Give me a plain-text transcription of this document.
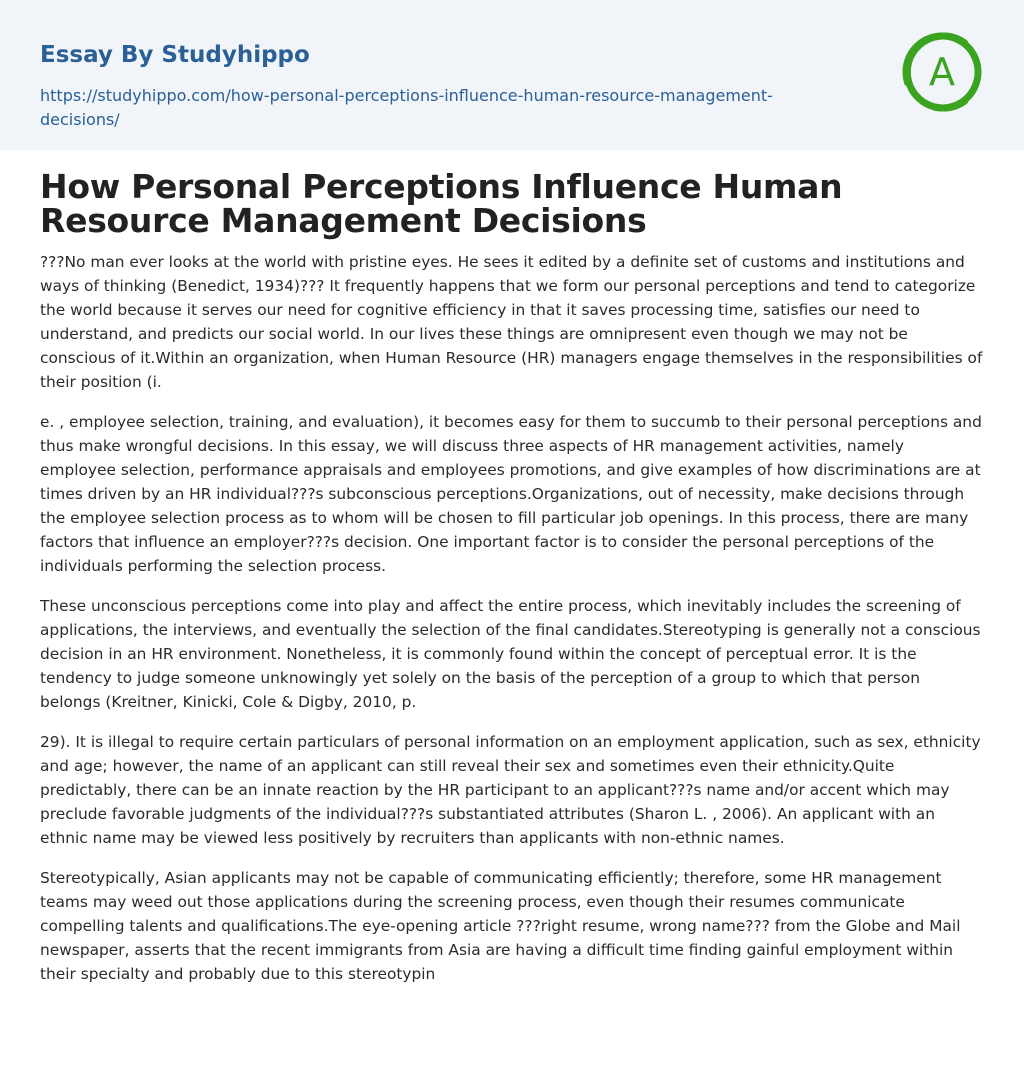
Essay By Studyhippo
https://studyhippo.com/how-personal-perceptions-influence-human-resource-management-decisions/
A
How Personal Perceptions Influence Human Resource Management Decisions

???No man ever looks at the world with pristine eyes. He sees it edited by a definite set of customs and institutions and ways of thinking (Benedict, 1934)??? It frequently happens that we form our personal perceptions and tend to categorize the world because it serves our need for cognitive efficiency in that it saves processing time, satisfies our need to understand, and predicts our social world. In our lives these things are omnipresent even though we may not be conscious of it.Within an organization, when Human Resource (HR) managers engage themselves in the responsibilities of their position (i.

e. , employee selection, training, and evaluation), it becomes easy for them to succumb to their personal perceptions and thus make wrongful decisions. In this essay, we will discuss three aspects of HR management activities, namely employee selection, performance appraisals and employees promotions, and give examples of how discriminations are at times driven by an HR individual???s subconscious perceptions.Organizations, out of necessity, make decisions through the employee selection process as to whom will be chosen to fill particular job openings. In this process, there are many factors that influence an employer???s decision. One important factor is to consider the personal perceptions of the individuals performing the selection process.

These unconscious perceptions come into play and affect the entire process, which inevitably includes the screening of applications, the interviews, and eventually the selection of the final candidates.Stereotyping is generally not a conscious decision in an HR environment. Nonetheless, it is commonly found within the concept of perceptual error. It is the tendency to judge someone unknowingly yet solely on the basis of the perception of a group to which that person belongs (Kreitner, Kinicki, Cole & Digby, 2010, p.

29). It is illegal to require certain particulars of personal information on an employment application, such as sex, ethnicity and age; however, the name of an applicant can still reveal their sex and sometimes even their ethnicity.Quite predictably, there can be an innate reaction by the HR participant to an applicant???s name and/or accent which may preclude favorable judgments of the individual???s substantiated attributes (Sharon L. , 2006). An applicant with an ethnic name may be viewed less positively by recruiters than applicants with non-ethnic names.

Stereotypically, Asian applicants may not be capable of communicating efficiently; therefore, some HR management teams may weed out those applications during the screening process, even though their resumes communicate compelling talents and qualifications.The eye-opening article ???right resume, wrong name??? from the Globe and Mail newspaper, asserts that the recent immigrants from Asia are having a difficult time finding gainful employment within their specialty and probably due to this stereotypin
